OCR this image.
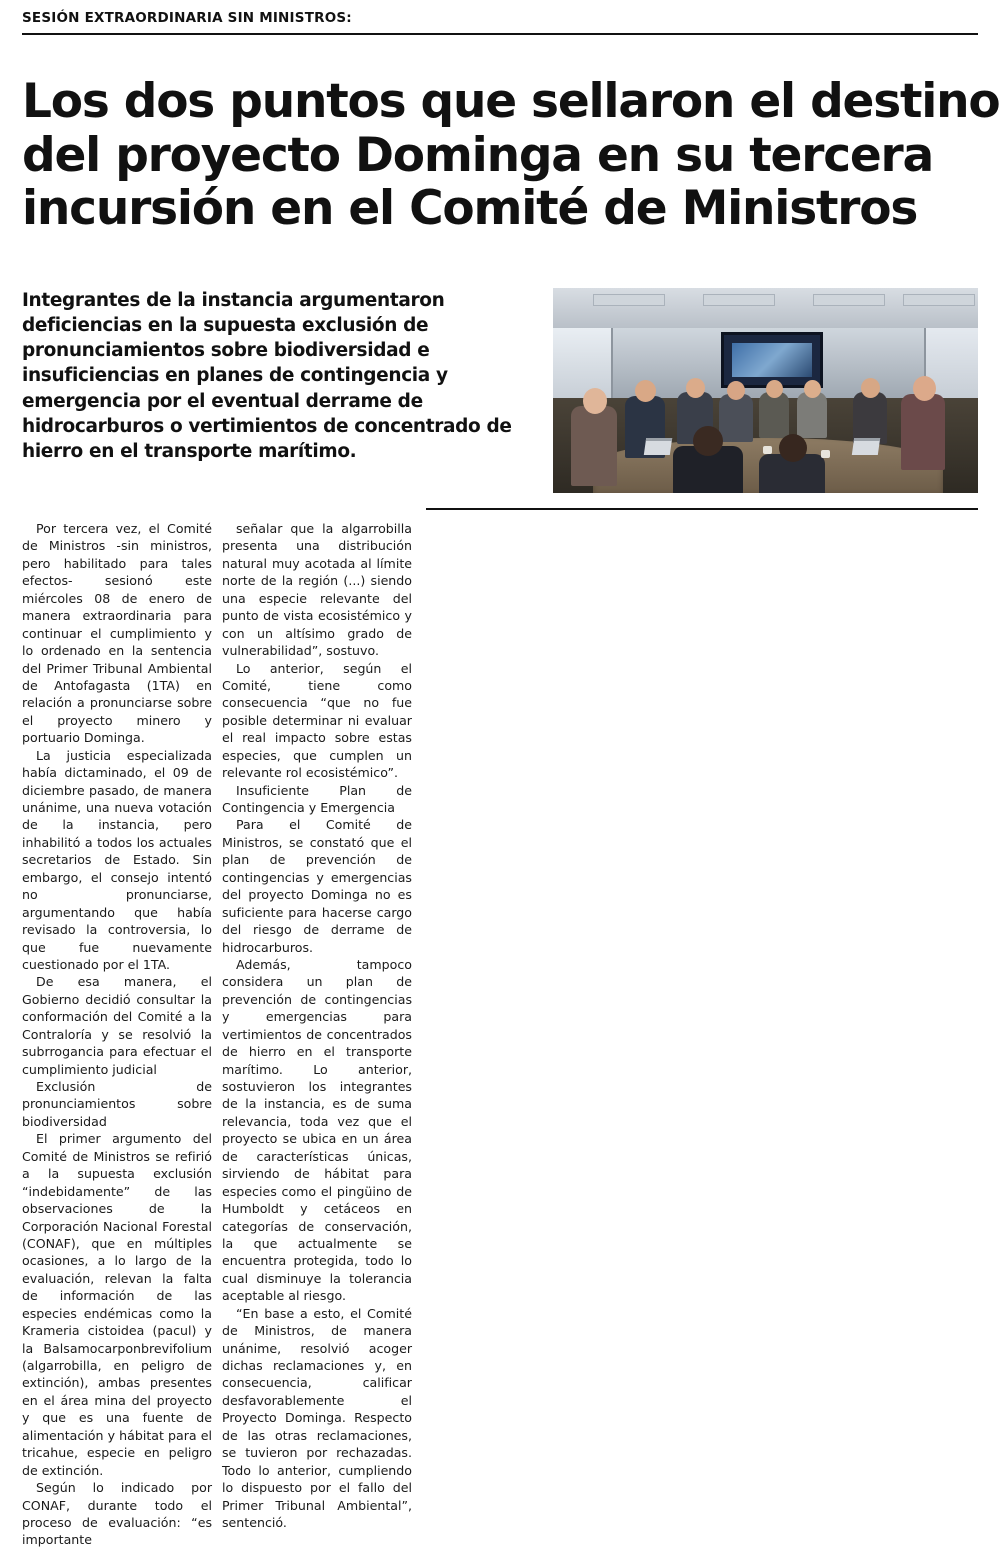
SESIÓN EXTRAORDINARIA SIN MINISTROS:
Los dos puntos que sellaron el destino
del proyecto Dominga en su tercera
incursión en el Comité de Ministros
Integrantes de la instancia argumentaron deficiencias en la supuesta exclusión de pronunciamientos sobre biodiversidad e insuficiencias en planes de contingencia y emergencia por el eventual derrame de hidrocarburos o vertimientos de concentrado de hierro en el transporte marítimo.

Por tercera vez, el Comité de Ministros -sin ministros, pero habilitado para tales efectos- sesionó este miércoles 08 de enero de manera extraordinaria para continuar el cumplimiento y lo ordenado en la sentencia del Primer Tribunal Ambiental de Antofagasta (1TA) en relación a pronunciarse sobre el proyecto minero y portuario Dominga.

La justicia especializada había dictaminado, el 09 de diciembre pasado, de manera unánime, una nueva votación de la instancia, pero inhabilitó a todos los actuales secretarios de Estado. Sin embargo, el consejo intentó no pronunciarse, argumentando que había revisado la controversia, lo que fue nuevamente cuestionado por el 1TA.

De esa manera, el Gobierno decidió consultar la conformación del Comité a la Contraloría y se resolvió la subrrogancia para efectuar el cumplimiento judicial

Exclusión de pronunciamientos sobre biodiversidad

El primer argumento del Comité de Ministros se refirió a la supuesta exclusión “indebidamente” de las observaciones de la Corporación Nacional Forestal (CONAF), que en múltiples ocasiones, a lo largo de la evaluación, relevan la falta de información de las especies endémicas como la Krameria cistoidea (pacul) y la Balsamocarponbrevifolium (algarrobilla, en peligro de extinción), ambas presentes en el área mina del proyecto y que es una fuente de alimentación y hábitat para el tricahue, especie en peligro de extinción.

Según lo indicado por CONAF, durante todo el proceso de evaluación: “es importante

señalar que la algarrobilla presenta una distribución natural muy acotada al límite norte de la región (...) siendo una especie relevante del punto de vista ecosistémico y con un altísimo grado de vulnerabilidad”, sostuvo.

Lo anterior, según el Comité, tiene como consecuencia “que no fue posible determinar ni evaluar el real impacto sobre estas especies, que cumplen un relevante rol ecosistémico”.

Insuficiente Plan de Contingencia y Emergencia

Para el Comité de Ministros, se constató que el plan de prevención de contingencias y emergencias del proyecto Dominga no es suficiente para hacerse cargo del riesgo de derrame de hidrocarburos.

Además, tampoco considera un plan de prevención de contingencias y emergencias para vertimientos de concentrados de hierro en el transporte marítimo. Lo anterior, sostuvieron los integrantes de la instancia, es de suma relevancia, toda vez que el proyecto se ubica en un área de características únicas, sirviendo de hábitat para especies como el pingüino de Humboldt y cetáceos en categorías de conservación, la que actualmente se encuentra protegida, todo lo cual disminuye la tolerancia aceptable al riesgo.

“En base a esto, el Comité de Ministros, de manera unánime, resolvió acoger dichas reclamaciones y, en consecuencia, calificar desfavorablemente el Proyecto Dominga. Respecto de las otras reclamaciones, se tuvieron por rechazadas. Todo lo anterior, cumpliendo lo dispuesto por el fallo del Primer Tribunal Ambiental”, sentenció.
